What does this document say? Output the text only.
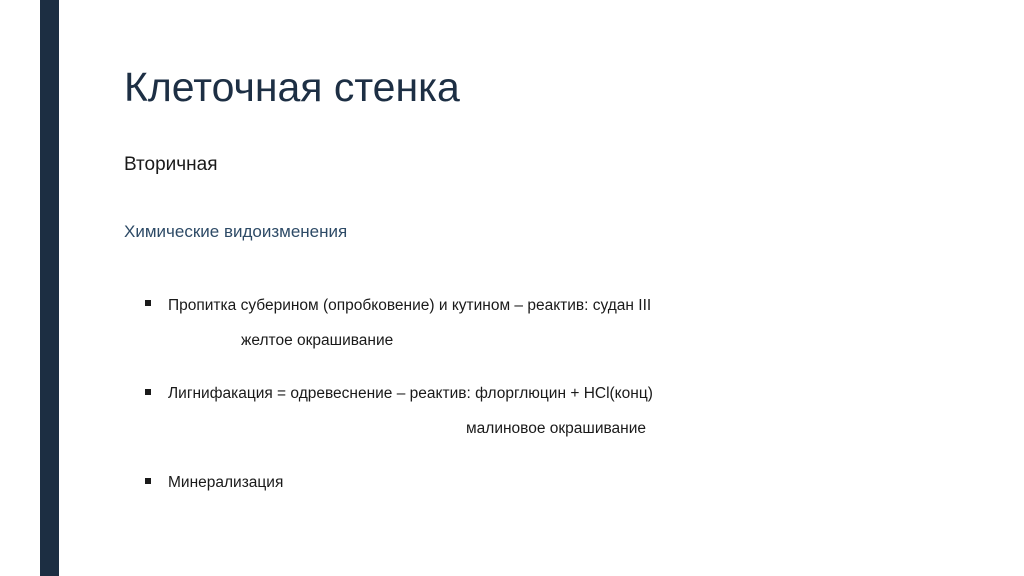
Клеточная стенка
Вторичная
Химические видоизменения
Пропитка суберином (опробковение) и кутином – реактив: судан III
желтое окрашивание
Лигнифакация = одревеснение – реактив: флорглюцин + HCl(конц)
малиновое окрашивание
Минерализация
